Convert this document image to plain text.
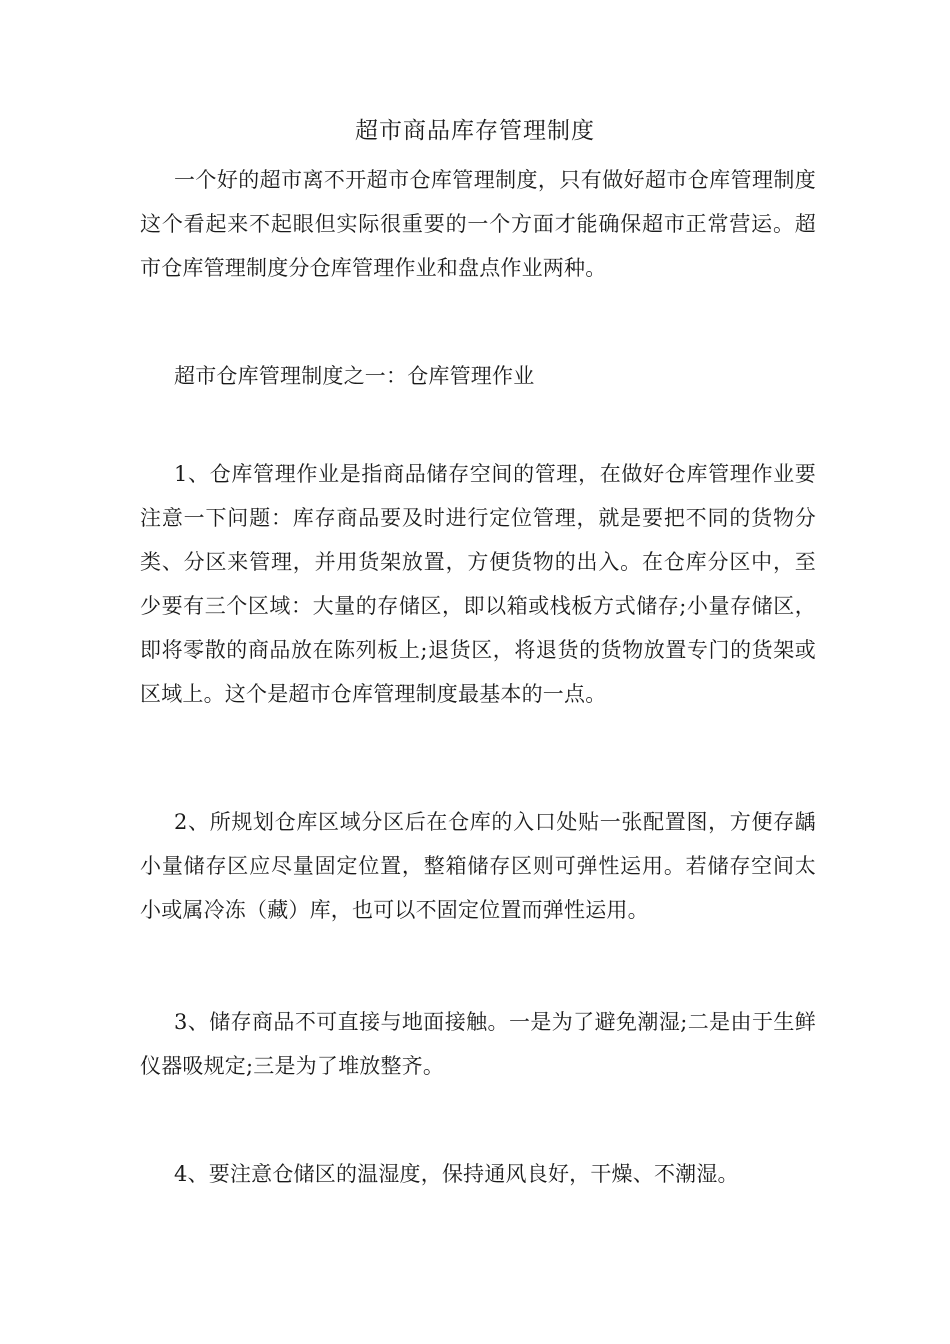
超市商品库存管理制度

一个好的超市离不开超市仓库管理制度，只有做好超市仓库管理制度这个看起来不起眼但实际很重要的一个方面才能确保超市正常营运。超市仓库管理制度分仓库管理作业和盘点作业两种。

超市仓库管理制度之一：仓库管理作业

1、仓库管理作业是指商品储存空间的管理，在做好仓库管理作业要注意一下问题：库存商品要及时进行定位管理，就是要把不同的货物分类、分区来管理，并用货架放置，方便货物的出入。在仓库分区中，至少要有三个区域：大量的存储区，即以箱或栈板方式储存;小量存储区，即将零散的商品放在陈列板上;退货区，将退货的货物放置专门的货架或区域上。这个是超市仓库管理制度最基本的一点。

2、所规划仓库区域分区后在仓库的入口处贴一张配置图，方便存龋小量储存区应尽量固定位置，整箱储存区则可弹性运用。若储存空间太小或属冷冻（藏）库，也可以不固定位置而弹性运用。

3、储存商品不可直接与地面接触。一是为了避免潮湿;二是由于生鲜仪器吸规定;三是为了堆放整齐。

4、要注意仓储区的温湿度，保持通风良好，干燥、不潮湿。
